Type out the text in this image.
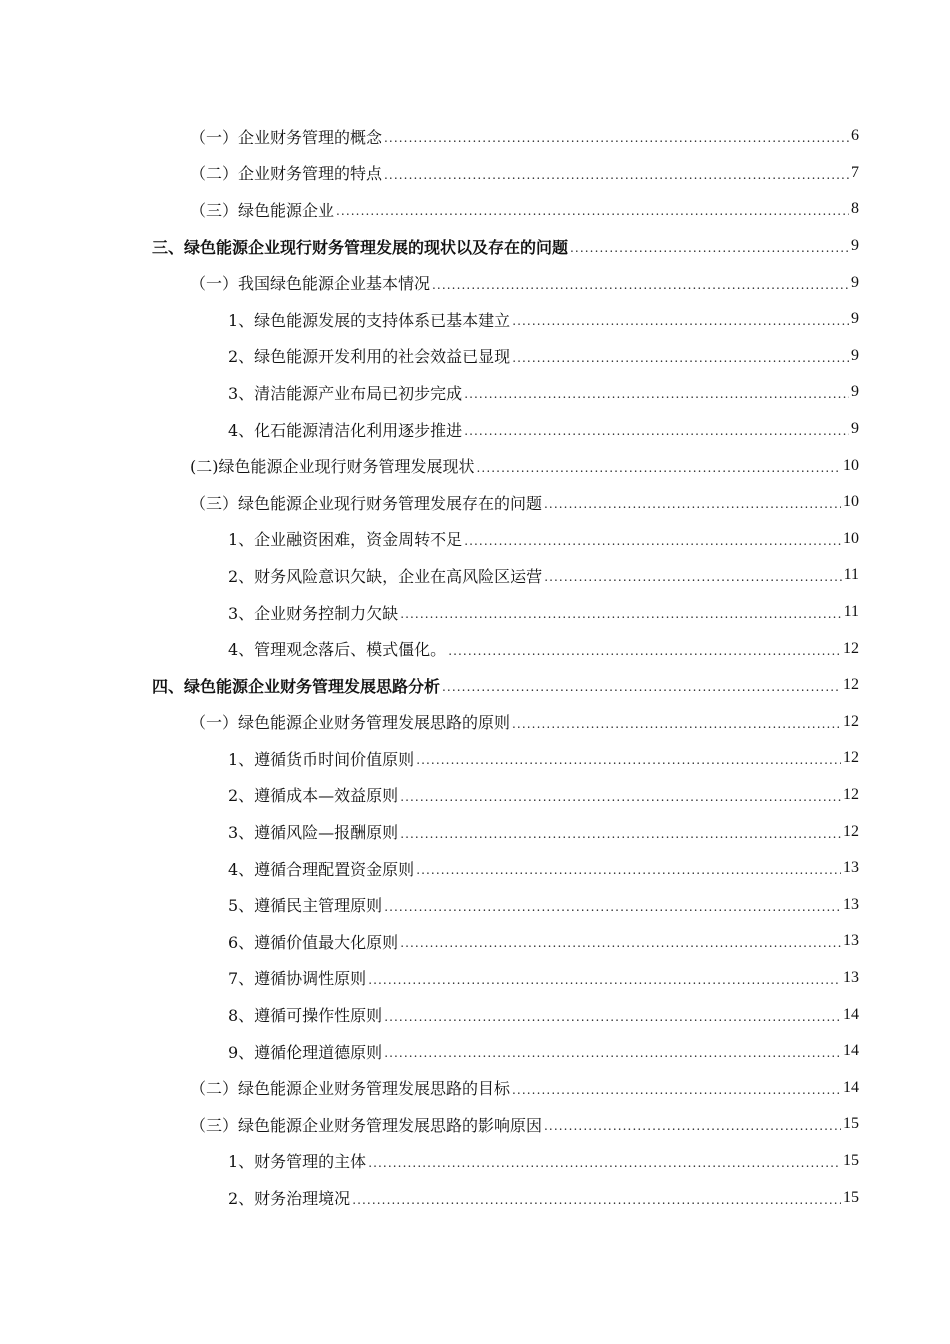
（一）企业财务管理的概念 .....	6
（二）企业财务管理的特点 .....	7
（三）绿色能源企业 .....	8
三、绿色能源企业现行财务管理发展的现状以及存在的问题 .....	9
（一）我国绿色能源企业基本情况 .....	9
1、绿色能源发展的支持体系已基本建立 .....	9
2、绿色能源开发利用的社会效益已显现 .....	9
3、清洁能源产业布局已初步完成 .....	9
4、化石能源清洁化利用逐步推进 .....	9
(二)绿色能源企业现行财务管理发展现状 .....	10
（三）绿色能源企业现行财务管理发展存在的问题 .....	10
1、企业融资困难，资金周转不足 .....	10
2、财务风险意识欠缺，企业在高风险区运营 .....	11
3、企业财务控制力欠缺 .....	11
4、管理观念落后、模式僵化。 .....	12
四、绿色能源企业财务管理发展思路分析 .....	12
（一）绿色能源企业财务管理发展思路的原则 .....	12
1、遵循货币时间价值原则 .....	12
2、遵循成本—效益原则 .....	12
3、遵循风险—报酬原则 .....	12
4、遵循合理配置资金原则 .....	13
5、遵循民主管理原则 .....	13
6、遵循价值最大化原则 .....	13
7、遵循协调性原则 .....	13
8、遵循可操作性原则 .....	14
9、遵循伦理道德原则 .....	14
（二）绿色能源企业财务管理发展思路的目标 .....	14
（三）绿色能源企业财务管理发展思路的影响原因 .....	15
1、财务管理的主体 .....	15
2、财务治理境况 .....	15
